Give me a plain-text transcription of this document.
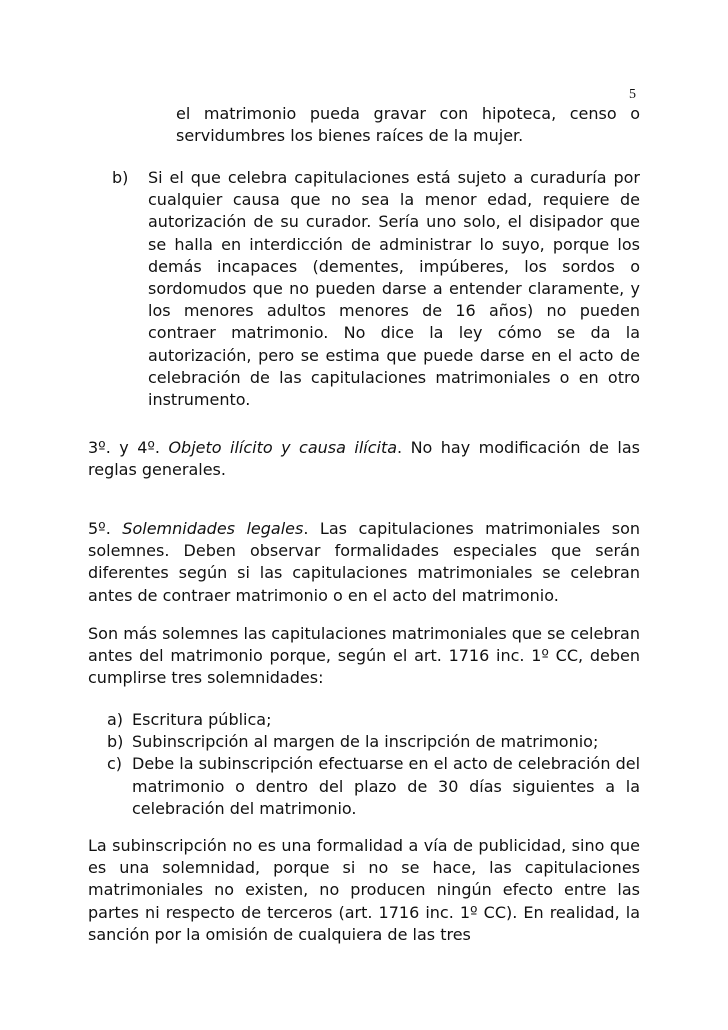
5

el matrimonio pueda gravar con hipoteca, censo o servidumbres los bienes raíces de la mujer.

b) Si el que celebra capitulaciones está sujeto a curaduría por cualquier causa que no sea la menor edad, requiere de autorización de su curador. Sería uno solo, el disipador que se halla en interdicción de administrar lo suyo, porque los demás incapaces (dementes, impúberes, los sordos o sordomudos que no pueden darse a entender claramente, y los menores adultos menores de 16 años) no pueden contraer matrimonio. No dice la ley cómo se da la autorización, pero se estima que puede darse en el acto de celebración de las capitulaciones matrimoniales o en otro instrumento.

3º. y 4º. Objeto ilícito y causa ilícita. No hay modificación de las reglas generales.

5º. Solemnidades legales. Las capitulaciones matrimoniales son solemnes. Deben observar formalidades especiales que serán diferentes según si las capitulaciones matrimoniales se celebran antes de contraer matrimonio o en el acto del matrimonio.

Son más solemnes las capitulaciones matrimoniales que se celebran antes del matrimonio porque, según el art. 1716 inc. 1º CC, deben cumplirse tres solemnidades:

a) Escritura pública;
b) Subinscripción al margen de la inscripción de matrimonio;
c) Debe la subinscripción efectuarse en el acto de celebración del matrimonio o dentro del plazo de 30 días siguientes a la celebración del matrimonio.

La subinscripción no es una formalidad a vía de publicidad, sino que es una solemnidad, porque si no se hace, las capitulaciones matrimoniales no existen, no producen ningún efecto entre las partes ni respecto de terceros (art. 1716 inc. 1º CC). En realidad, la sanción por la omisión de cualquiera de las tres
